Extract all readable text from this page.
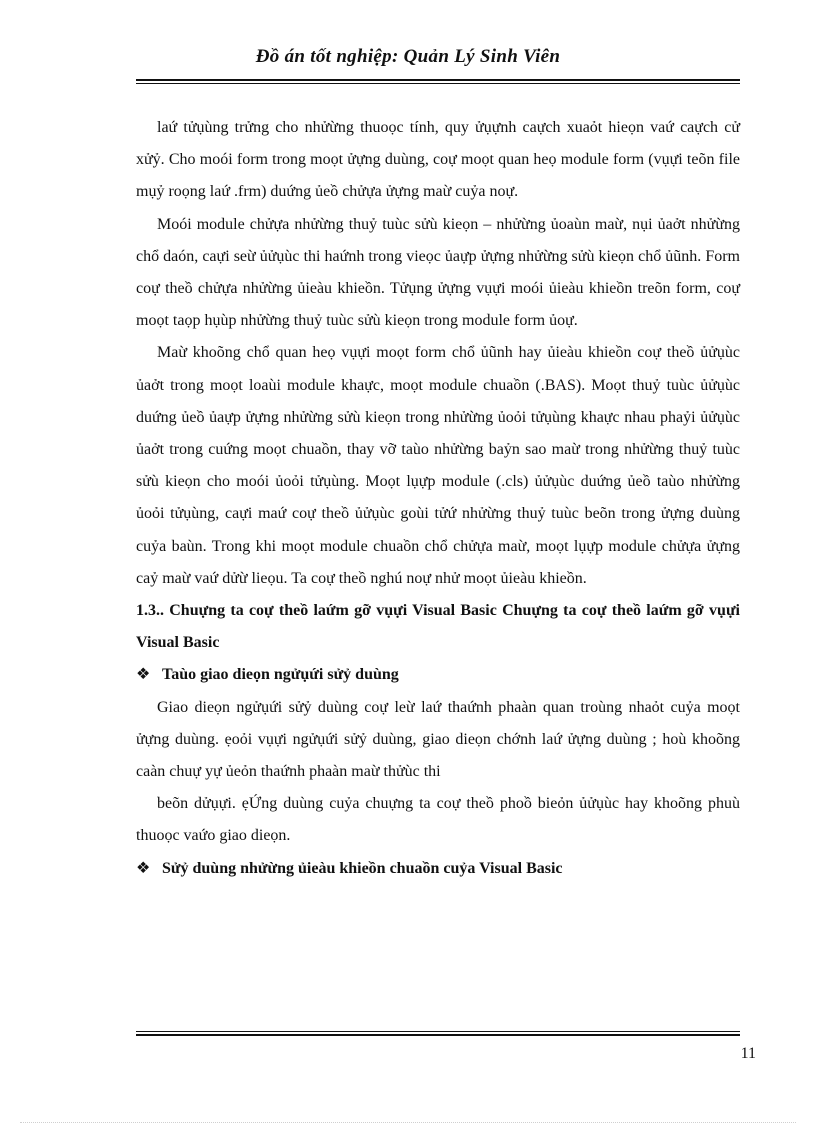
Đồ án tốt nghiệp: Quản Lý Sinh Viên

laứ tửụùng trửng cho nhửừng thuoọc tính, quy ửụựnh caựch xuaỏt hieọn vaứ caựch cử xửỷ. Cho moói form trong moọt ửựng duùng, coự moọt quan heọ module form (vụựi teõn file mụỷ roọng laứ .frm) duứng ủeồ chửựa ửựng maừ cuỷa noự.

Moói module chửựa nhửừng thuỷ tuùc sửù kieọn – nhửừng ủoaùn maừ, nụi ủaởt nhửừng chổ daón, caựi seừ ủửụùc thi haứnh trong vieọc ủaựp ửựng nhửừng sửù kieọn chổ ủũnh. Form coự theồ chửựa nhửừng ủieàu khieồn. Tửụng ửựng vụựi moói ủieàu khieồn treõn form, coự moọt taọp hụùp nhửừng thuỷ tuùc sửù kieọn trong module form ủoự.

Maừ khoõng chổ quan heọ vụựi moọt form chổ ủũnh hay ủieàu khieồn coự theồ ủửụùc ủaởt trong moọt loaùi module khaực, moọt module chuaồn (.BAS). Moọt thuỷ tuùc ủửụùc duứng ủeồ ủaựp ửựng nhửừng sửù kieọn trong nhửừng ủoỏi tửụùng khaực nhau phaỷi ủửụùc ủaởt trong cuứng moọt chuaồn, thay vỡ taùo nhửừng baỷn sao maừ trong nhửừng thuỷ tuùc sửù kieọn cho moói ủoỏi tửụùng. Moọt lụựp module (.cls) ủửụùc duứng ủeồ taùo nhửừng ủoỏi tửụùng, caựi maứ coự theồ ủửụùc goùi tửứ nhửừng thuỷ tuùc beõn trong ửựng duùng cuỷa baùn. Trong khi moọt module chuaồn chổ chửựa maừ, moọt lụựp module chửựa ửựng caỷ maừ vaứ dửừ lieọu. Ta coự theồ nghú noự nhử moọt ủieàu khieồn.

1.3.. Chuựng ta coự theồ laứm gỡ vụựi Visual Basic Chuựng ta coự theồ laứm gỡ vụựi Visual Basic

❖ Taùo giao dieọn ngửụứi sửỷ duùng

Giao dieọn ngửụứi sửỷ duùng coự leừ laứ thaứnh phaàn quan troùng nhaỏt cuỷa moọt ửựng duùng. ẹoỏi vụựi ngửụứi sửỷ duùng, giao dieọn chớnh laứ ửựng duùng ; hoù khoõng caàn chuự yự ủeỏn thaứnh phaàn maừ thửùc thi

beõn dửụựi. ẹỨng duùng cuỷa chuựng ta coự theồ phoồ bieỏn ủửụùc hay khoõng phuù thuoọc vaứo giao dieọn.

❖ Sửỷ duùng nhửừng ủieàu khieồn chuaồn cuỷa Visual Basic

11
